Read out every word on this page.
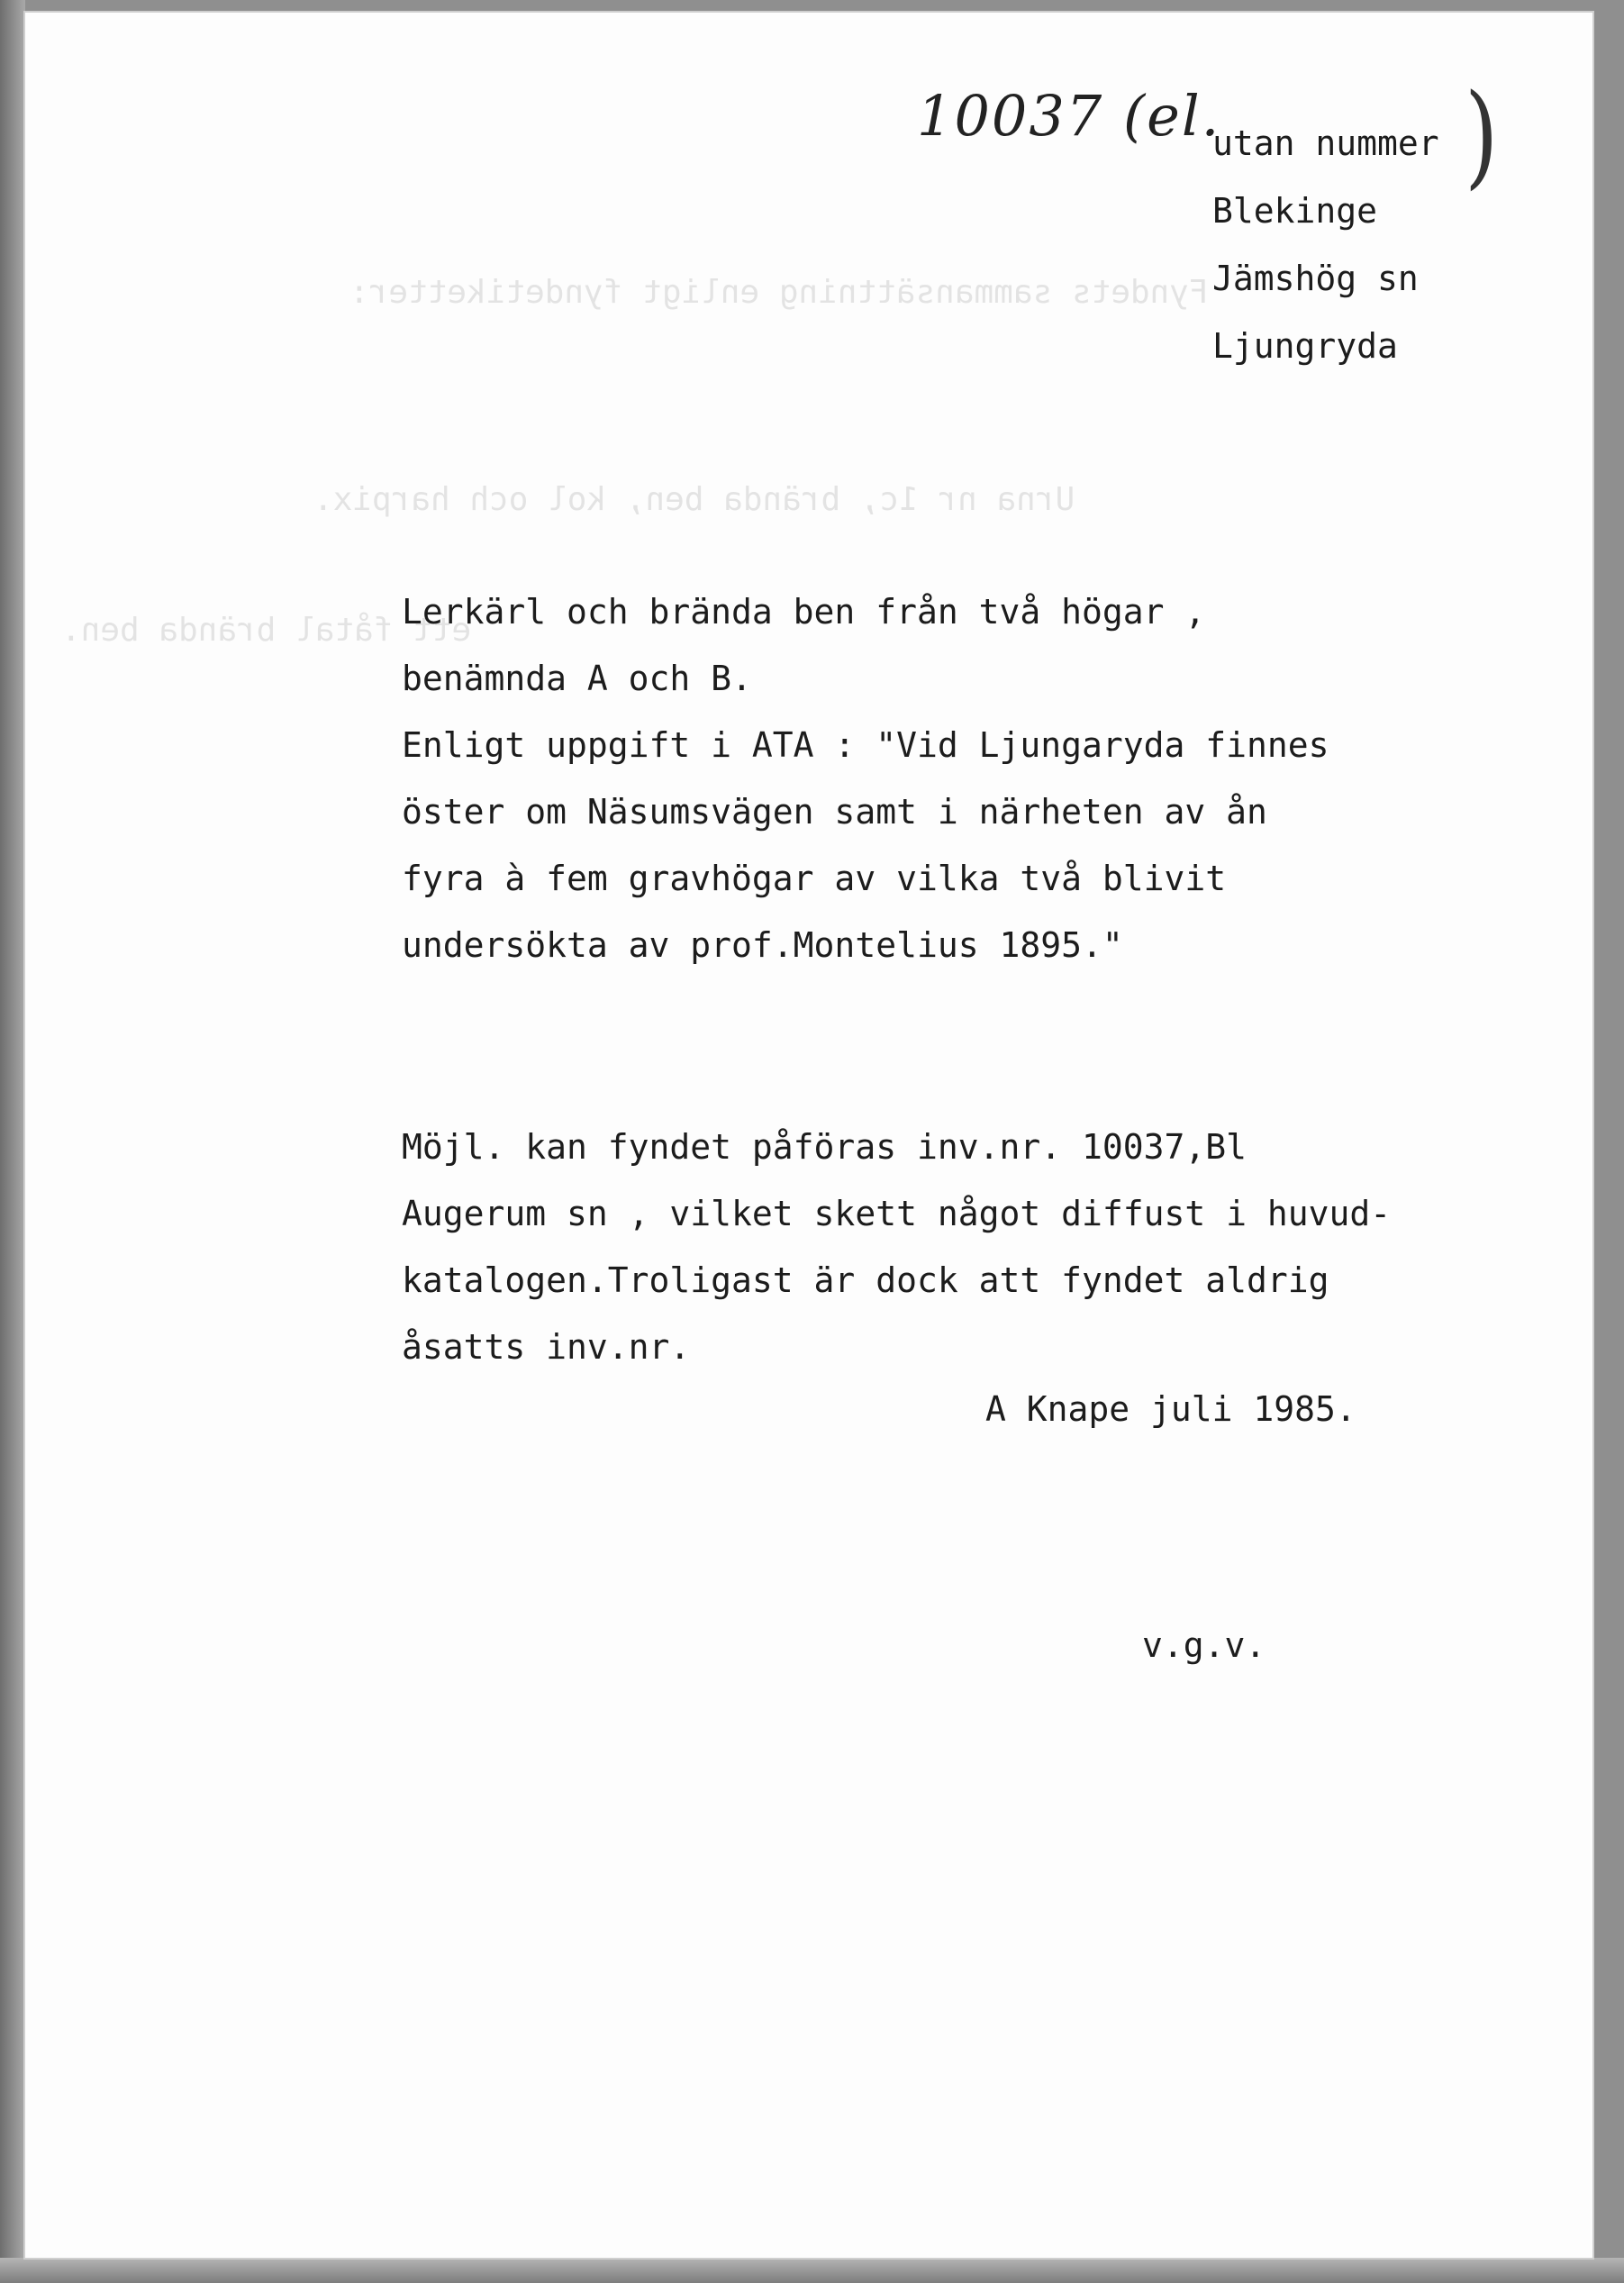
Fyndets sammansättning enligt fyndetiketter:
Urna nr 1c, brända ben, kol och harpix.
ett fåtal brända ben.
10037 (el.	)
utan nummer
Blekinge
Jämshög sn
Ljungryda
Lerkärl och brända ben från två högar ,
benämnda A och B.
Enligt uppgift i ATA : "Vid Ljungaryda finnes
öster om Näsumsvägen samt i närheten av ån
fyra à fem gravhögar av vilka två blivit
undersökta av prof.Montelius 1895."
Möjl. kan fyndet påföras inv.nr. 10037,Bl
Augerum sn , vilket skett något diffust i huvud-
katalogen.Troligast är dock att fyndet aldrig
åsatts inv.nr.
A Knape juli 1985.
v.g.v.
